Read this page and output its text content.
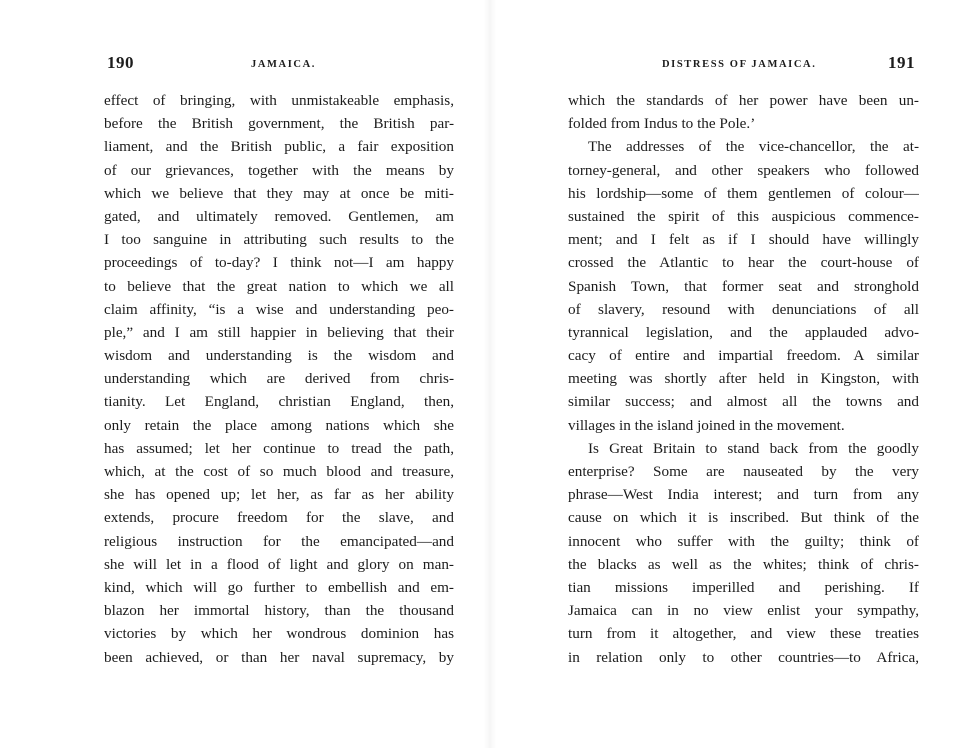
190	JAMAICA.
effect of bringing, with unmistakeable emphasis,
before the British government, the British par-
liament, and the British public, a fair exposition
of our grievances, together with the means by
which we believe that they may at once be miti-
gated, and ultimately removed. Gentlemen, am
I too sanguine in attributing such results to the
proceedings of to-day? I think not—I am happy
to believe that the great nation to which we all
claim affinity, “is a wise and understanding peo-
ple,” and I am still happier in believing that their
wisdom and understanding is the wisdom and
understanding which are derived from chris-
tianity. Let England, christian England, then,
only retain the place among nations which she
has assumed; let her continue to tread the path,
which, at the cost of so much blood and treasure,
she has opened up; let her, as far as her ability
extends, procure freedom for the slave, and
religious instruction for the emancipated—and
she will let in a flood of light and glory on man-
kind, which will go further to embellish and em-
blazon her immortal history, than the thousand
victories by which her wondrous dominion has
been achieved, or than her naval supremacy, by
DISTRESS OF JAMAICA.	191
which the standards of her power have been un-
folded from Indus to the Pole.’
The addresses of the vice-chancellor, the at-
torney-general, and other speakers who followed
his lordship—some of them gentlemen of colour—
sustained the spirit of this auspicious commence-
ment; and I felt as if I should have willingly
crossed the Atlantic to hear the court-house of
Spanish Town, that former seat and stronghold
of slavery, resound with denunciations of all
tyrannical legislation, and the applauded advo-
cacy of entire and impartial freedom. A similar
meeting was shortly after held in Kingston, with
similar success; and almost all the towns and
villages in the island joined in the movement.
Is Great Britain to stand back from the goodly
enterprise? Some are nauseated by the very
phrase—West India interest; and turn from any
cause on which it is inscribed. But think of the
innocent who suffer with the guilty; think of
the blacks as well as the whites; think of chris-
tian missions imperilled and perishing. If
Jamaica can in no view enlist your sympathy,
turn from it altogether, and view these treaties
in relation only to other countries—to Africa,
